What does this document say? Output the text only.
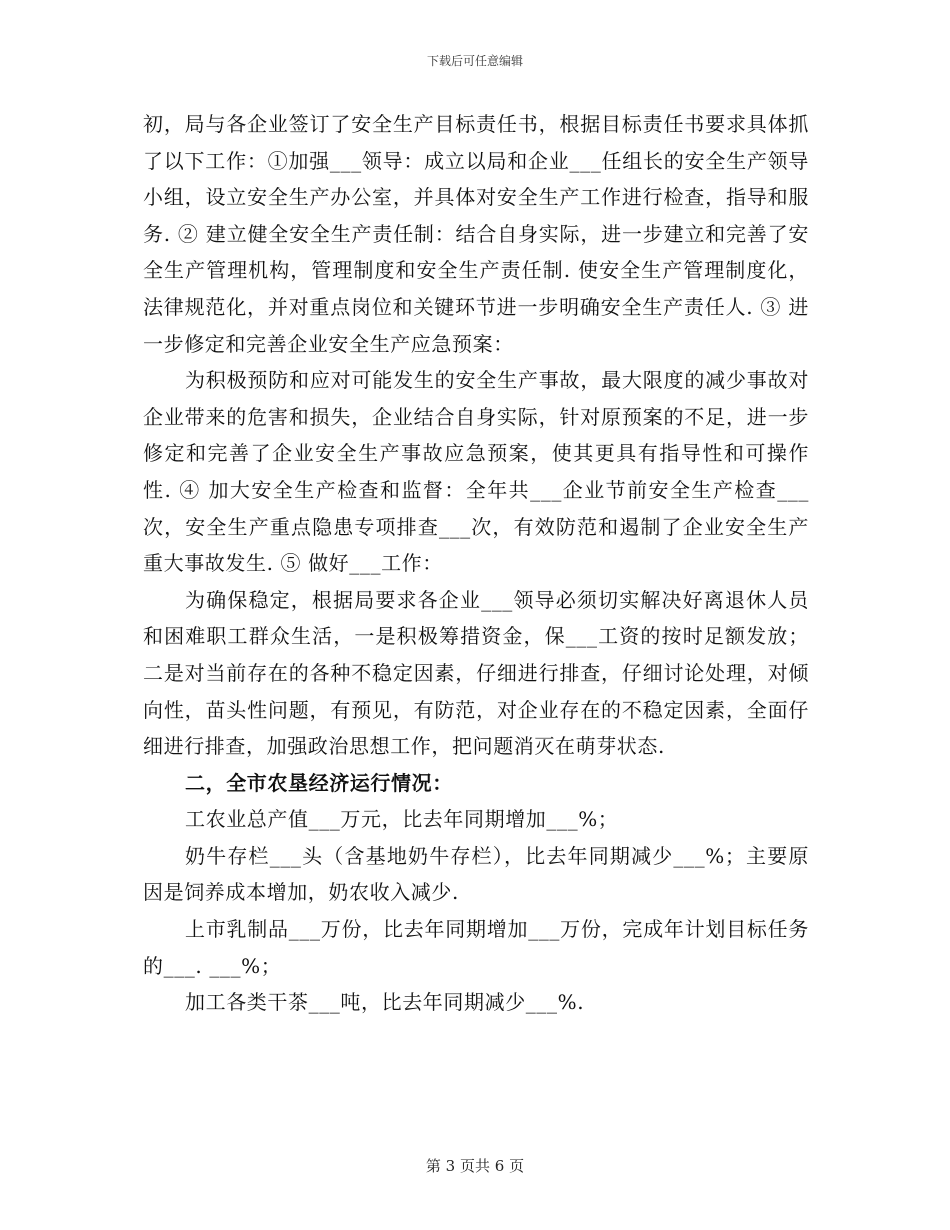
下载后可任意编辑

初，局与各企业签订了安全生产目标责任书，根据目标责任书要求具体抓了以下工作：①加强___领导：成立以局和企业___任组长的安全生产领导小组，设立安全生产办公室，并具体对安全生产工作进行检查，指导和服务. ② 建立健全安全生产责任制：结合自身实际，进一步建立和完善了安全生产管理机构，管理制度和安全生产责任制. 使安全生产管理制度化，法律规范化，并对重点岗位和关键环节进一步明确安全生产责任人. ③ 进一步修定和完善企业安全生产应急预案：

为积极预防和应对可能发生的安全生产事故，最大限度的减少事故对企业带来的危害和损失，企业结合自身实际，针对原预案的不足，进一步修定和完善了企业安全生产事故应急预案，使其更具有指导性和可操作性. ④ 加大安全生产检查和监督：全年共___企业节前安全生产检查___次，安全生产重点隐患专项排查___次，有效防范和遏制了企业安全生产重大事故发生. ⑤ 做好___工作：

为确保稳定，根据局要求各企业___领导必须切实解决好离退休人员和困难职工群众生活，一是积极筹措资金，保___工资的按时足额发放；二是对当前存在的各种不稳定因素，仔细进行排查，仔细讨论处理，对倾向性，苗头性问题，有预见，有防范，对企业存在的不稳定因素，全面仔细进行排查，加强政治思想工作，把问题消灭在萌芽状态.

二，全市农垦经济运行情况：

工农业总产值___万元，比去年同期增加___%；

奶牛存栏___头（含基地奶牛存栏），比去年同期减少___%；主要原因是饲养成本增加，奶农收入减少.

上市乳制品___万份，比去年同期增加___万份，完成年计划目标任务的___. ___%；

加工各类干茶___吨，比去年同期减少___%.

第 3 页共 6 页
